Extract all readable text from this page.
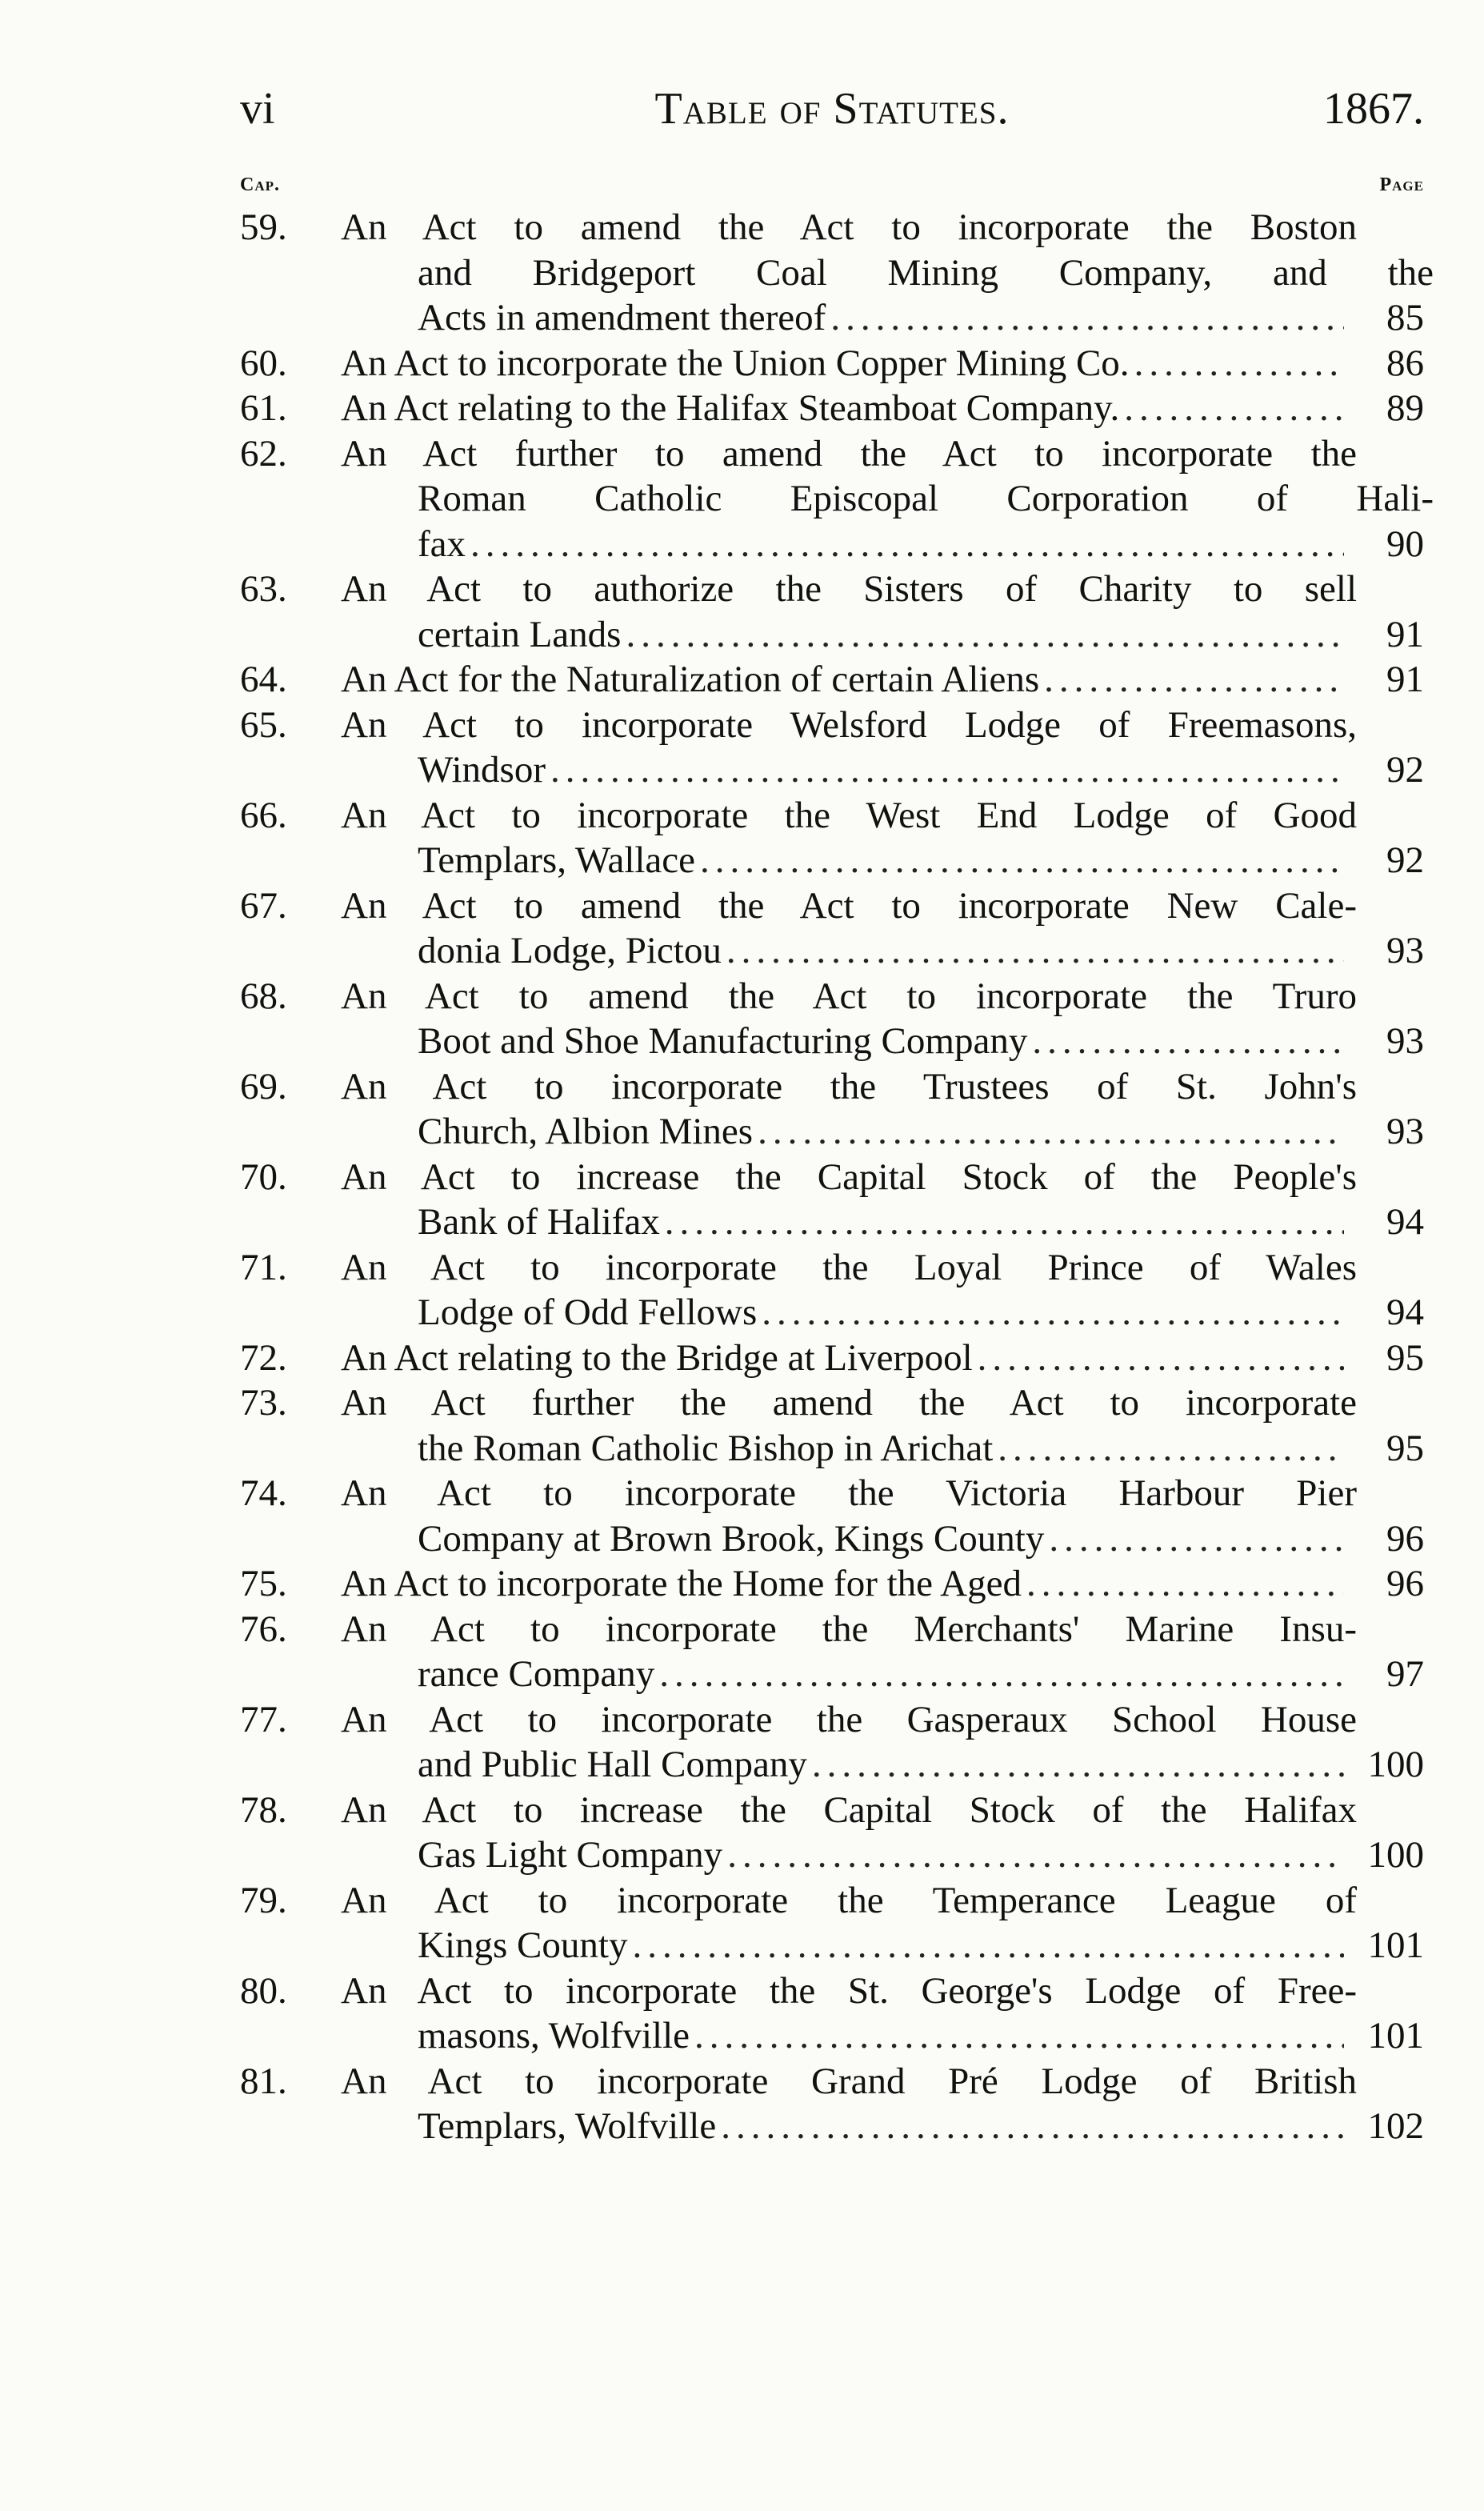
vi	Table of Statutes.	1867.
Cap.	Page
59. An Act to amend the Act to incorporate the Boston
and Bridgeport Coal Mining Company, and the
Acts in amendment thereof .....	85
60. An Act to incorporate the Union Copper Mining Co. .....	86
61. An Act relating to the Halifax Steamboat Company. .....	89
62. An Act further to amend the Act to incorporate the
Roman Catholic Episcopal Corporation of Hali-
fax .....	90
63. An Act to authorize the Sisters of Charity to sell
certain Lands .....	91
64. An Act for the Naturalization of certain Aliens .....	91
65. An Act to incorporate Welsford Lodge of Freemasons,
Windsor .....	92
66. An Act to incorporate the West End Lodge of Good
Templars, Wallace .....	92
67. An Act to amend the Act to incorporate New Cale-
donia Lodge, Pictou .....	93
68. An Act to amend the Act to incorporate the Truro
Boot and Shoe Manufacturing Company .....	93
69. An Act to incorporate the Trustees of St. John's
Church, Albion Mines .....	93
70. An Act to increase the Capital Stock of the People's
Bank of Halifax .....	94
71. An Act to incorporate the Loyal Prince of Wales
Lodge of Odd Fellows .....	94
72. An Act relating to the Bridge at Liverpool .....	95
73. An Act further the amend the Act to incorporate
the Roman Catholic Bishop in Arichat .....	95
74. An Act to incorporate the Victoria Harbour Pier
Company at Brown Brook, Kings County .....	96
75. An Act to incorporate the Home for the Aged .....	96
76. An Act to incorporate the Merchants' Marine Insu-
rance Company .....	97
77. An Act to incorporate the Gasperaux School House
and Public Hall Company .....	100
78. An Act to increase the Capital Stock of the Halifax
Gas Light Company .....	100
79. An Act to incorporate the Temperance League of
Kings County .....	101
80. An Act to incorporate the St. George's Lodge of Free-
masons, Wolfville .....	101
81. An Act to incorporate Grand Pré Lodge of British
Templars, Wolfville .....	102
